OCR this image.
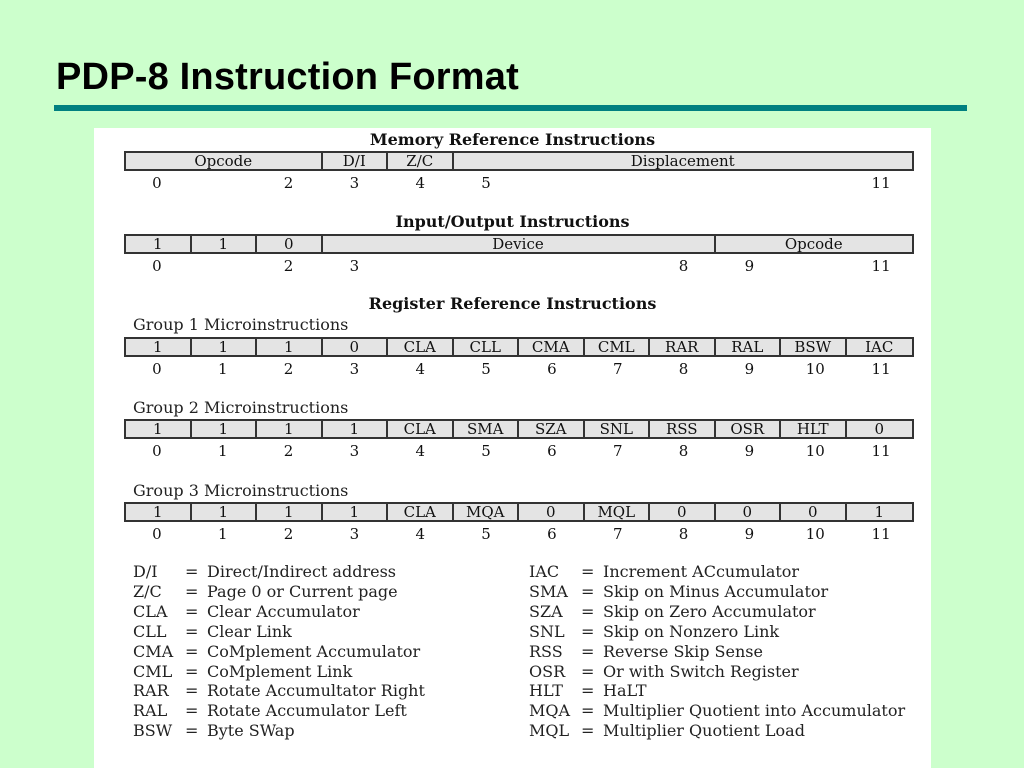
PDP-8 Instruction Format
Memory Reference Instructions
Opcode	D/I	Z/C	Displacement
0	2	3	4	5	11
Input/Output Instructions
1	1	0	Device	Opcode
0	2	3	8	9	11
Register Reference Instructions
Group 1 Microinstructions
1	1	1	0	CLA	CLL	CMA	CML	RAR	RAL	BSW	IAC
0	1	2	3	4	5	6	7	8	9	10	11
Group 2 Microinstructions
1	1	1	1	CLA	SMA	SZA	SNL	RSS	OSR	HLT	0
0	1	2	3	4	5	6	7	8	9	10	11
Group 3 Microinstructions
1	1	1	1	CLA	MQA	0	MQL	0	0	0	1
0	1	2	3	4	5	6	7	8	9	10	11
D/I	= Direct/Indirect address
Z/C	= Page 0 or Current page
CLA	= Clear Accumulator
CLL	= Clear Link
CMA = CoMplement Accumulator
CML = CoMplement Link
RAR	= Rotate Accumultator Right
RAL	= Rotate Accumulator Left
BSW = Byte SWap
IAC	= Increment ACcumulator
SMA = Skip on Minus Accumulator
SZA	= Skip on Zero Accumulator
SNL	= Skip on Nonzero Link
RSS	= Reverse Skip Sense
OSR = Or with Switch Register
HLT	= HaLT
MQA = Multiplier Quotient into Accumulator
MQL = Multiplier Quotient Load
